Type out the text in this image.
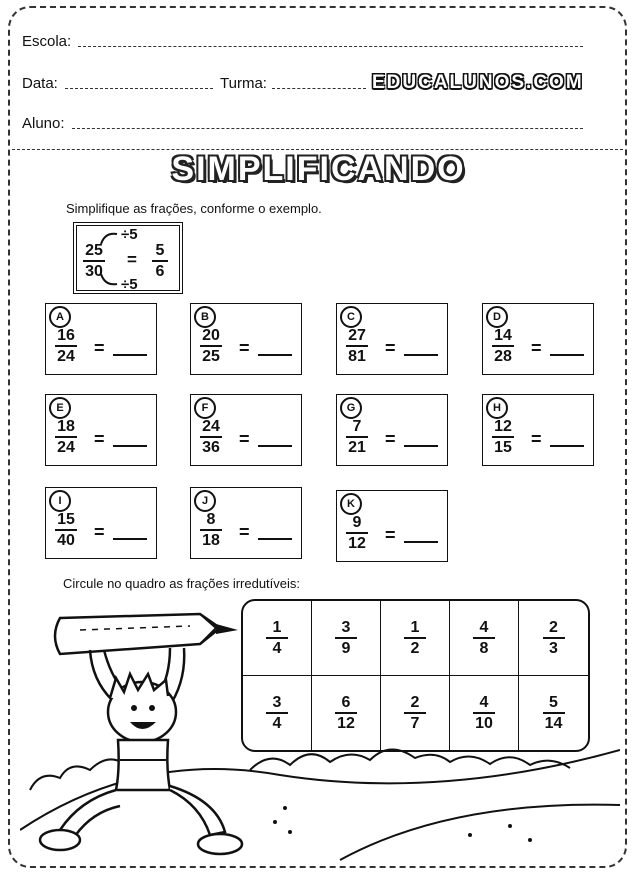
Escola:
Data:	Turma:	EDUCALUNOS.COM
Aluno:
SIMPLIFICANDO
Simplifique as frações, conforme o exemplo.
÷5
25
30
= 5
6
÷5
A
16
24 =
B
20
25 =
C
27
81 =
D
14
28 =
E
18
24 =
F
24
36 =
G
7
21 =
H
12
15 =
I
15
40 =
J
8
18 =
K
9
12 =
Circule no quadro as frações irredutíveis:
$\frac{1}{4}$	$\frac{3}{9}$	$\frac{1}{2}$	$\frac{4}{8}$	$\frac{2}{3}$
$\frac{3}{4}$	$\frac{6}{12}$	$\frac{2}{7}$	$\frac{4}{10}$	$\frac{5}{14}$
